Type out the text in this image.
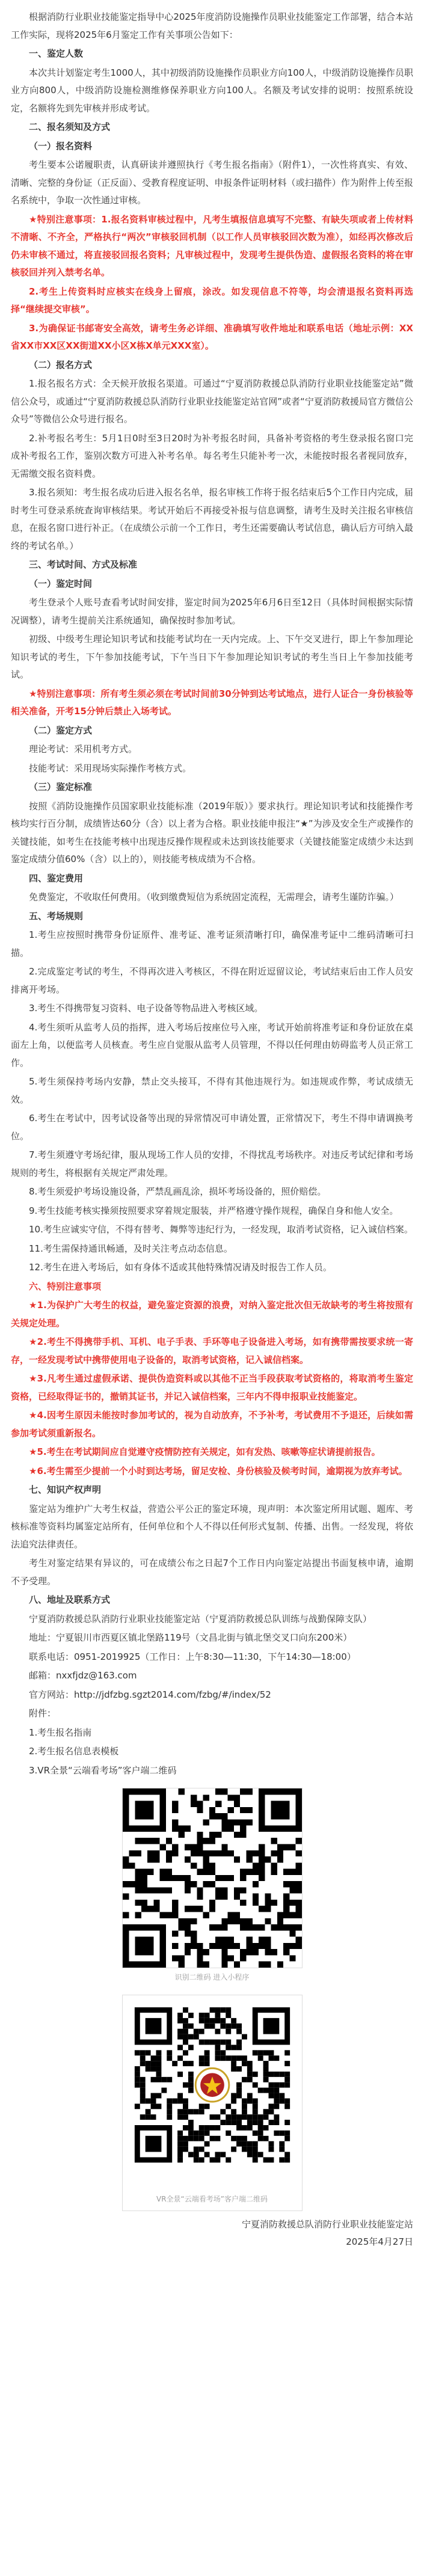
根据消防行业职业技能鉴定指导中心2025年度消防设施操作员职业技能鉴定工作部署，结合本站工作实际，现将2025年6月鉴定工作有关事项公告如下：

一、鉴定人数

本次共计划鉴定考生1000人，其中初级消防设施操作员职业方向100人，中级消防设施操作员职业方向800人，中级消防设施检测维修保养职业方向100人。名额及考试安排的说明：按照系统设定，名额将先到先审核并形成考试。

二、报名须知及方式

（一）报名资料

考生要本公诺履职责，认真研读并遵照执行《考生报名指南》（附件1），一次性将真实、有效、清晰、完整的身份证（正反面）、受教育程度证明、申报条件证明材料（或扫描件）作为附件上传至报名系统中，争取一次性通过审核。

★特别注意事项：1.报名资料审核过程中，凡考生填报信息填写不完整、有缺失项或者上传材料不清晰、不齐全，严格执行“两次”审核驳回机制（以工作人员审核驳回次数为准），如经再次修改后仍未审核不通过，将直接驳回报名资料；凡审核过程中，发现考生提供伪造、虚假报名资料的将在审核驳回并列入禁考名单。

2.考生上传资料时应核实在线身上留痕，涂改。如发现信息不符等，均会清退报名资料再选择“继续提交审核”。

3.为确保证书邮寄安全高效，请考生务必详细、准确填写收件地址和联系电话（地址示例：XX省XX市XX区XX街道XX小区X栋X单元XXX室）。

（二）报名方式

1.报名报名方式：全天候开放报名渠道。可通过“宁夏消防救援总队消防行业职业技能鉴定站”微信公众号，或通过“宁夏消防救援总队消防行业职业技能鉴定站官网”或者“宁夏消防救援局官方微信公众号”等微信公众号进行报名。

2.补考报名考生：5月1日0时至3日20时为补考报名时间，具备补考资格的考生登录报名窗口完成补考报名工作，鉴别次数方可进入补考名单。每名考生只能补考一次，未能按时报名者视同放弃，无需缴交报名资料费。

3.报名须知：考生报名成功后进入报名名单，报名审核工作将于报名结束后5个工作日内完成，届时考生可登录系统查询审核结果。考试开始后不再接受补报与信息调整，请考生及时关注报名审核信息，在报名窗口进行补正。（在成绩公示前一个工作日，考生还需要确认考试信息，确认后方可纳入最终的考试名单。）

三、考试时间、方式及标准

（一）鉴定时间

考生登录个人账号查看考试时间安排，鉴定时间为2025年6月6日至12日（具体时间根据实际情况调整），请考生提前关注系统通知，确保按时参加考试。

初级、中级考生理论知识考试和技能考试均在一天内完成。上、下午交叉进行，即上午参加理论知识考试的考生，下午参加技能考试，下午当日下午参加理论知识考试的考生当日上午参加技能考试。

★特别注意事项：所有考生须必须在考试时间前30分钟到达考试地点，进行人证合一身份核验等相关准备，开考15分钟后禁止入场考试。

（二）鉴定方式

理论考试：采用机考方式。

技能考试：采用现场实际操作考核方式。

（三）鉴定标准

按照《消防设施操作员国家职业技能标准（2019年版）》要求执行。理论知识考试和技能操作考核均实行百分制，成绩皆达60分（含）以上者为合格。职业技能申报注“★”为涉及安全生产或操作的关键技能，如考生在技能考核中出现违反操作规程或未达到该技能要求（关键技能鉴定成绩少未达到鉴定成绩分值60%（含）以上的），则技能考核成绩为不合格。

四、鉴定费用

免费鉴定，不收取任何费用。（收到缴费短信为系统固定流程，无需理会，请考生谨防诈骗。）

五、考场规则

1.考生应按照时携带身份证原件、准考证、准考证须清晰打印，确保准考证中二维码清晰可扫描。

2.完成鉴定考试的考生，不得再次进入考核区，不得在附近逗留议论，考试结束后由工作人员安排离开考场。

3.考生不得携带复习资料、电子设备等物品进入考核区域。

4.考生须听从监考人员的指挥，进入考场后按座位号入座，考试开始前将准考证和身份证放在桌面左上角，以便监考人员核查。考生应自觉服从监考人员管理，不得以任何理由妨碍监考人员正常工作。

5.考生须保持考场内安静，禁止交头接耳，不得有其他违规行为。如违规或作弊，考试成绩无效。

6.考生在考试中，因考试设备等出现的异常情况可申请处置，正常情况下，考生不得申请调换考位。

7.考生须遵守考场纪律，服从现场工作人员的安排，不得扰乱考场秩序。对违反考试纪律和考场规则的考生，将根据有关规定严肃处理。

8.考生须爱护考场设施设备，严禁乱画乱涂，损坏考场设备的，照价赔偿。

9.考生技能考核实操须按照要求穿着规定服装，并严格遵守操作规程，确保自身和他人安全。

10.考生应诚实守信，不得有替考、舞弊等违纪行为，一经发现，取消考试资格，记入诚信档案。

11.考生需保持通讯畅通，及时关注考点动态信息。

12.考生在进入考场后，如有身体不适或其他特殊情况请及时报告工作人员。

六、特别注意事项

★1.为保护广大考生的权益，避免鉴定资源的浪费，对纳入鉴定批次但无故缺考的考生将按照有关规定处理。

★2.考生不得携带手机、耳机、电子手表、手环等电子设备进入考场，如有携带需按要求统一寄存，一经发现考试中携带使用电子设备的，取消考试资格，记入诚信档案。

★3.凡考生通过虚假承诺、提供伪造资料或以其他不正当手段获取考试资格的，将取消考生鉴定资格，已经取得证书的，撤销其证书，并记入诚信档案，三年内不得申报职业技能鉴定。

★4.因考生原因未能按时参加考试的，视为自动放弃，不予补考，考试费用不予退还，后续如需参加考试须重新报名。

★5.考生在考试期间应自觉遵守疫情防控有关规定，如有发热、咳嗽等症状请提前报告。

★6.考生需至少提前一个小时到达考场，留足安检、身份核验及候考时间，逾期视为放弃考试。

七、知识产权声明

鉴定站为维护广大考生权益，营造公平公正的鉴定环境，现声明：本次鉴定所用试题、题库、考核标准等资料均属鉴定站所有，任何单位和个人不得以任何形式复制、传播、出售。一经发现，将依法追究法律责任。

考生对鉴定结果有异议的，可在成绩公布之日起7个工作日内向鉴定站提出书面复核申请，逾期不予受理。

八、地址及联系方式

宁夏消防救援总队消防行业职业技能鉴定站（宁夏消防救援总队训练与战勤保障支队）

地址：宁夏银川市西夏区镇北堡路119号（文昌北街与镇北堡交叉口向东200米）

联系电话：0951-2019925（工作日：上午8:30—11:30，下午14:30—18:00）

邮箱：nxxfjdz@163.com

官方网站：http://jdfzbg.sgzt2014.com/fzbg/#/index/52

附件：

1.考生报名指南

2.考生报名信息表模板

3.VR全景“云端看考场”客户端二维码

识别二维码 进入小程序
VR全景“云端看考场”客户端二维码
宁夏消防救援总队消防行业职业技能鉴定站
2025年4月27日
